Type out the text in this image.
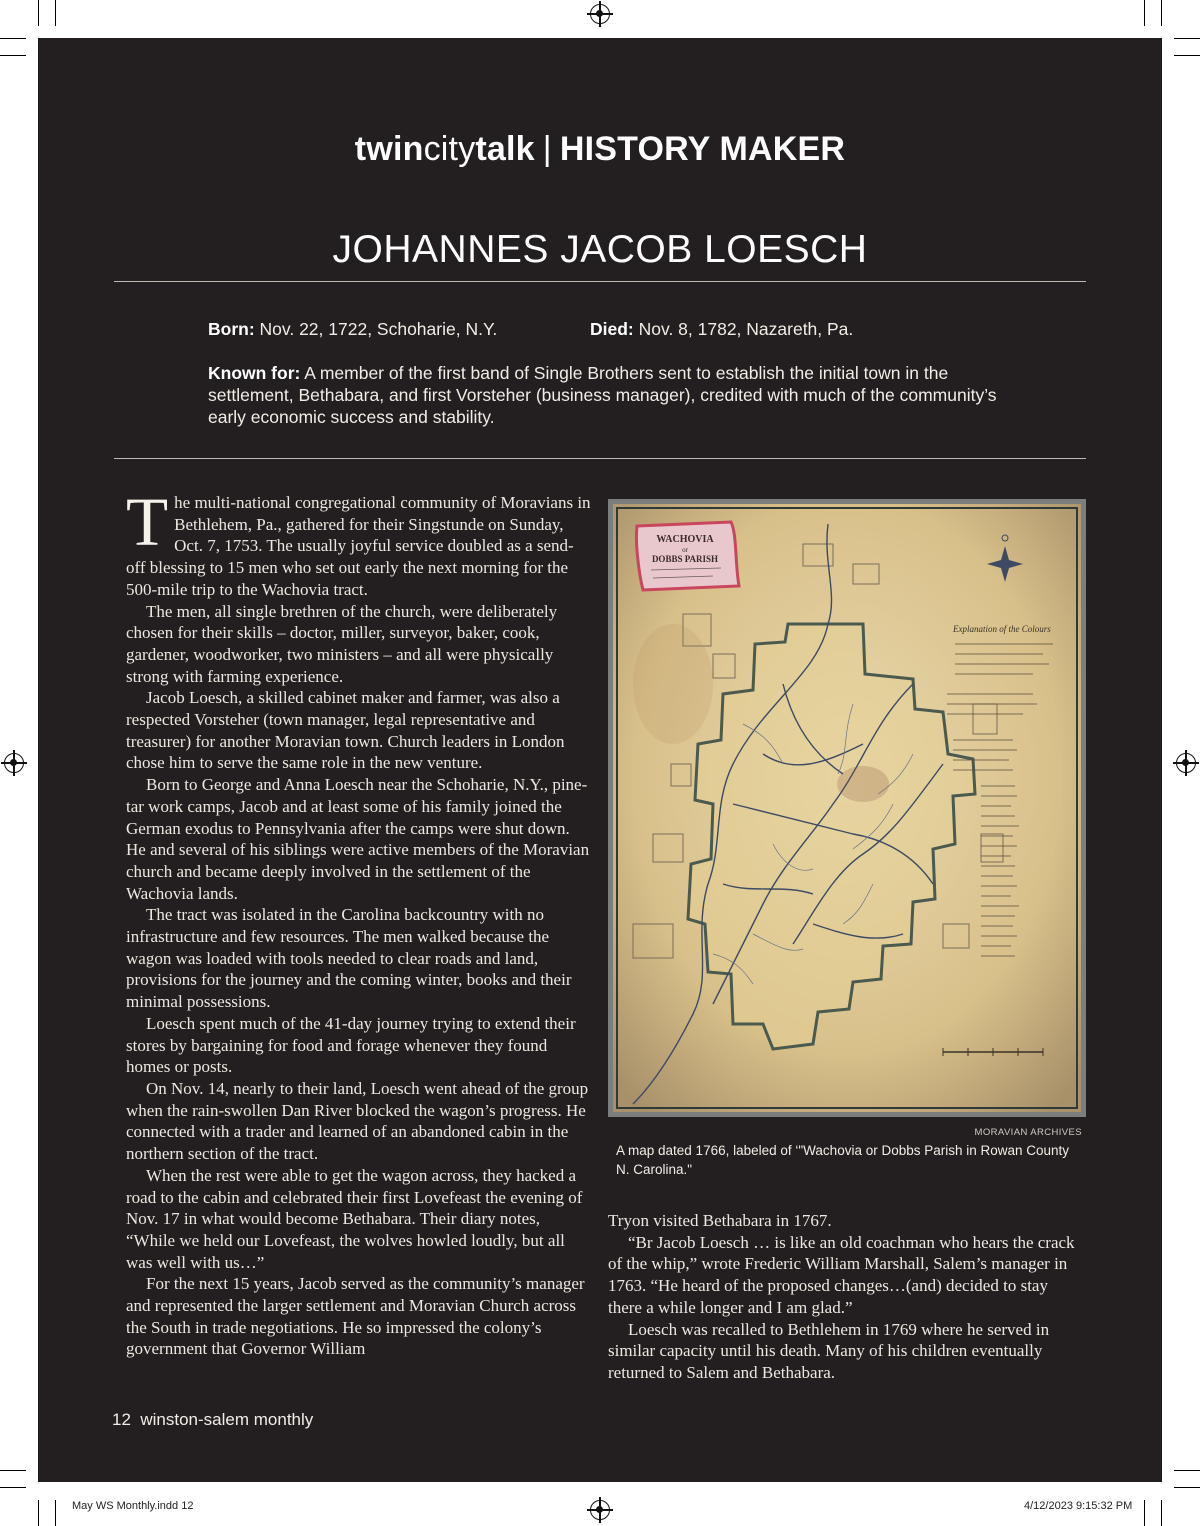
twincitytalk | HISTORY MAKER
JOHANNES JACOB LOESCH
Born: Nov. 22, 1722, Schoharie, N.Y.	Died: Nov. 8, 1782, Nazareth, Pa.
Known for: A member of the first band of Single Brothers sent to establish the initial town in the settlement, Bethabara, and first Vorsteher (business manager), credited with much of the community’s early economic success and stability.

The multi-national congregational community of Moravians in Bethlehem, Pa., gathered for their Singstunde on Sunday, Oct. 7, 1753. The usually joyful service doubled as a send-off blessing to 15 men who set out early the next morning for the 500-mile trip to the Wachovia tract.

The men, all single brethren of the church, were deliberately chosen for their skills – doctor, miller, surveyor, baker, cook, gardener, woodworker, two ministers – and all were physically strong with farming experience.

Jacob Loesch, a skilled cabinet maker and farmer, was also a respected Vorsteher (town manager, legal representative and treasurer) for another Moravian town. Church leaders in London chose him to serve the same role in the new venture.

Born to George and Anna Loesch near the Schoharie, N.Y., pine-tar work camps, Jacob and at least some of his family joined the German exodus to Pennsylvania after the camps were shut down. He and several of his siblings were active members of the Moravian church and became deeply involved in the settlement of the Wachovia lands.

The tract was isolated in the Carolina backcountry with no infrastructure and few resources. The men walked because the wagon was loaded with tools needed to clear roads and land, provisions for the journey and the coming winter, books and their minimal possessions.

Loesch spent much of the 41-day journey trying to extend their stores by bargaining for food and forage whenever they found homes or posts.

On Nov. 14, nearly to their land, Loesch went ahead of the group when the rain-swollen Dan River blocked the wagon’s progress. He connected with a trader and learned of an abandoned cabin in the northern section of the tract.

When the rest were able to get the wagon across, they hacked a road to the cabin and celebrated their first Lovefeast the evening of Nov. 17 in what would become Bethabara. Their diary notes, “While we held our Lovefeast, the wolves howled loudly, but all was well with us…”

For the next 15 years, Jacob served as the community’s manager and represented the larger settlement and Moravian Church across the South in trade negotiations. He so impressed the colony’s government that Governor William

WACHOVIA
or
DOBBS PARISH
Explanation of the Colours
MORAVIAN ARCHIVES
A map dated 1766, labeled of ‘"Wachovia or Dobbs Parish in Rowan County N. Carolina."

Tryon visited Bethabara in 1767.

“Br Jacob Loesch … is like an old coachman who hears the crack of the whip,” wrote Frederic William Marshall, Salem’s manager in 1763. “He heard of the proposed changes…(and) decided to stay there a while longer and I am glad.”

Loesch was recalled to Bethlehem in 1769 where he served in similar capacity until his death. Many of his children eventually returned to Salem and Bethabara.

12 winston-salem monthly
May WS Monthly.indd 12	4/12/2023 9:15:32 PM
